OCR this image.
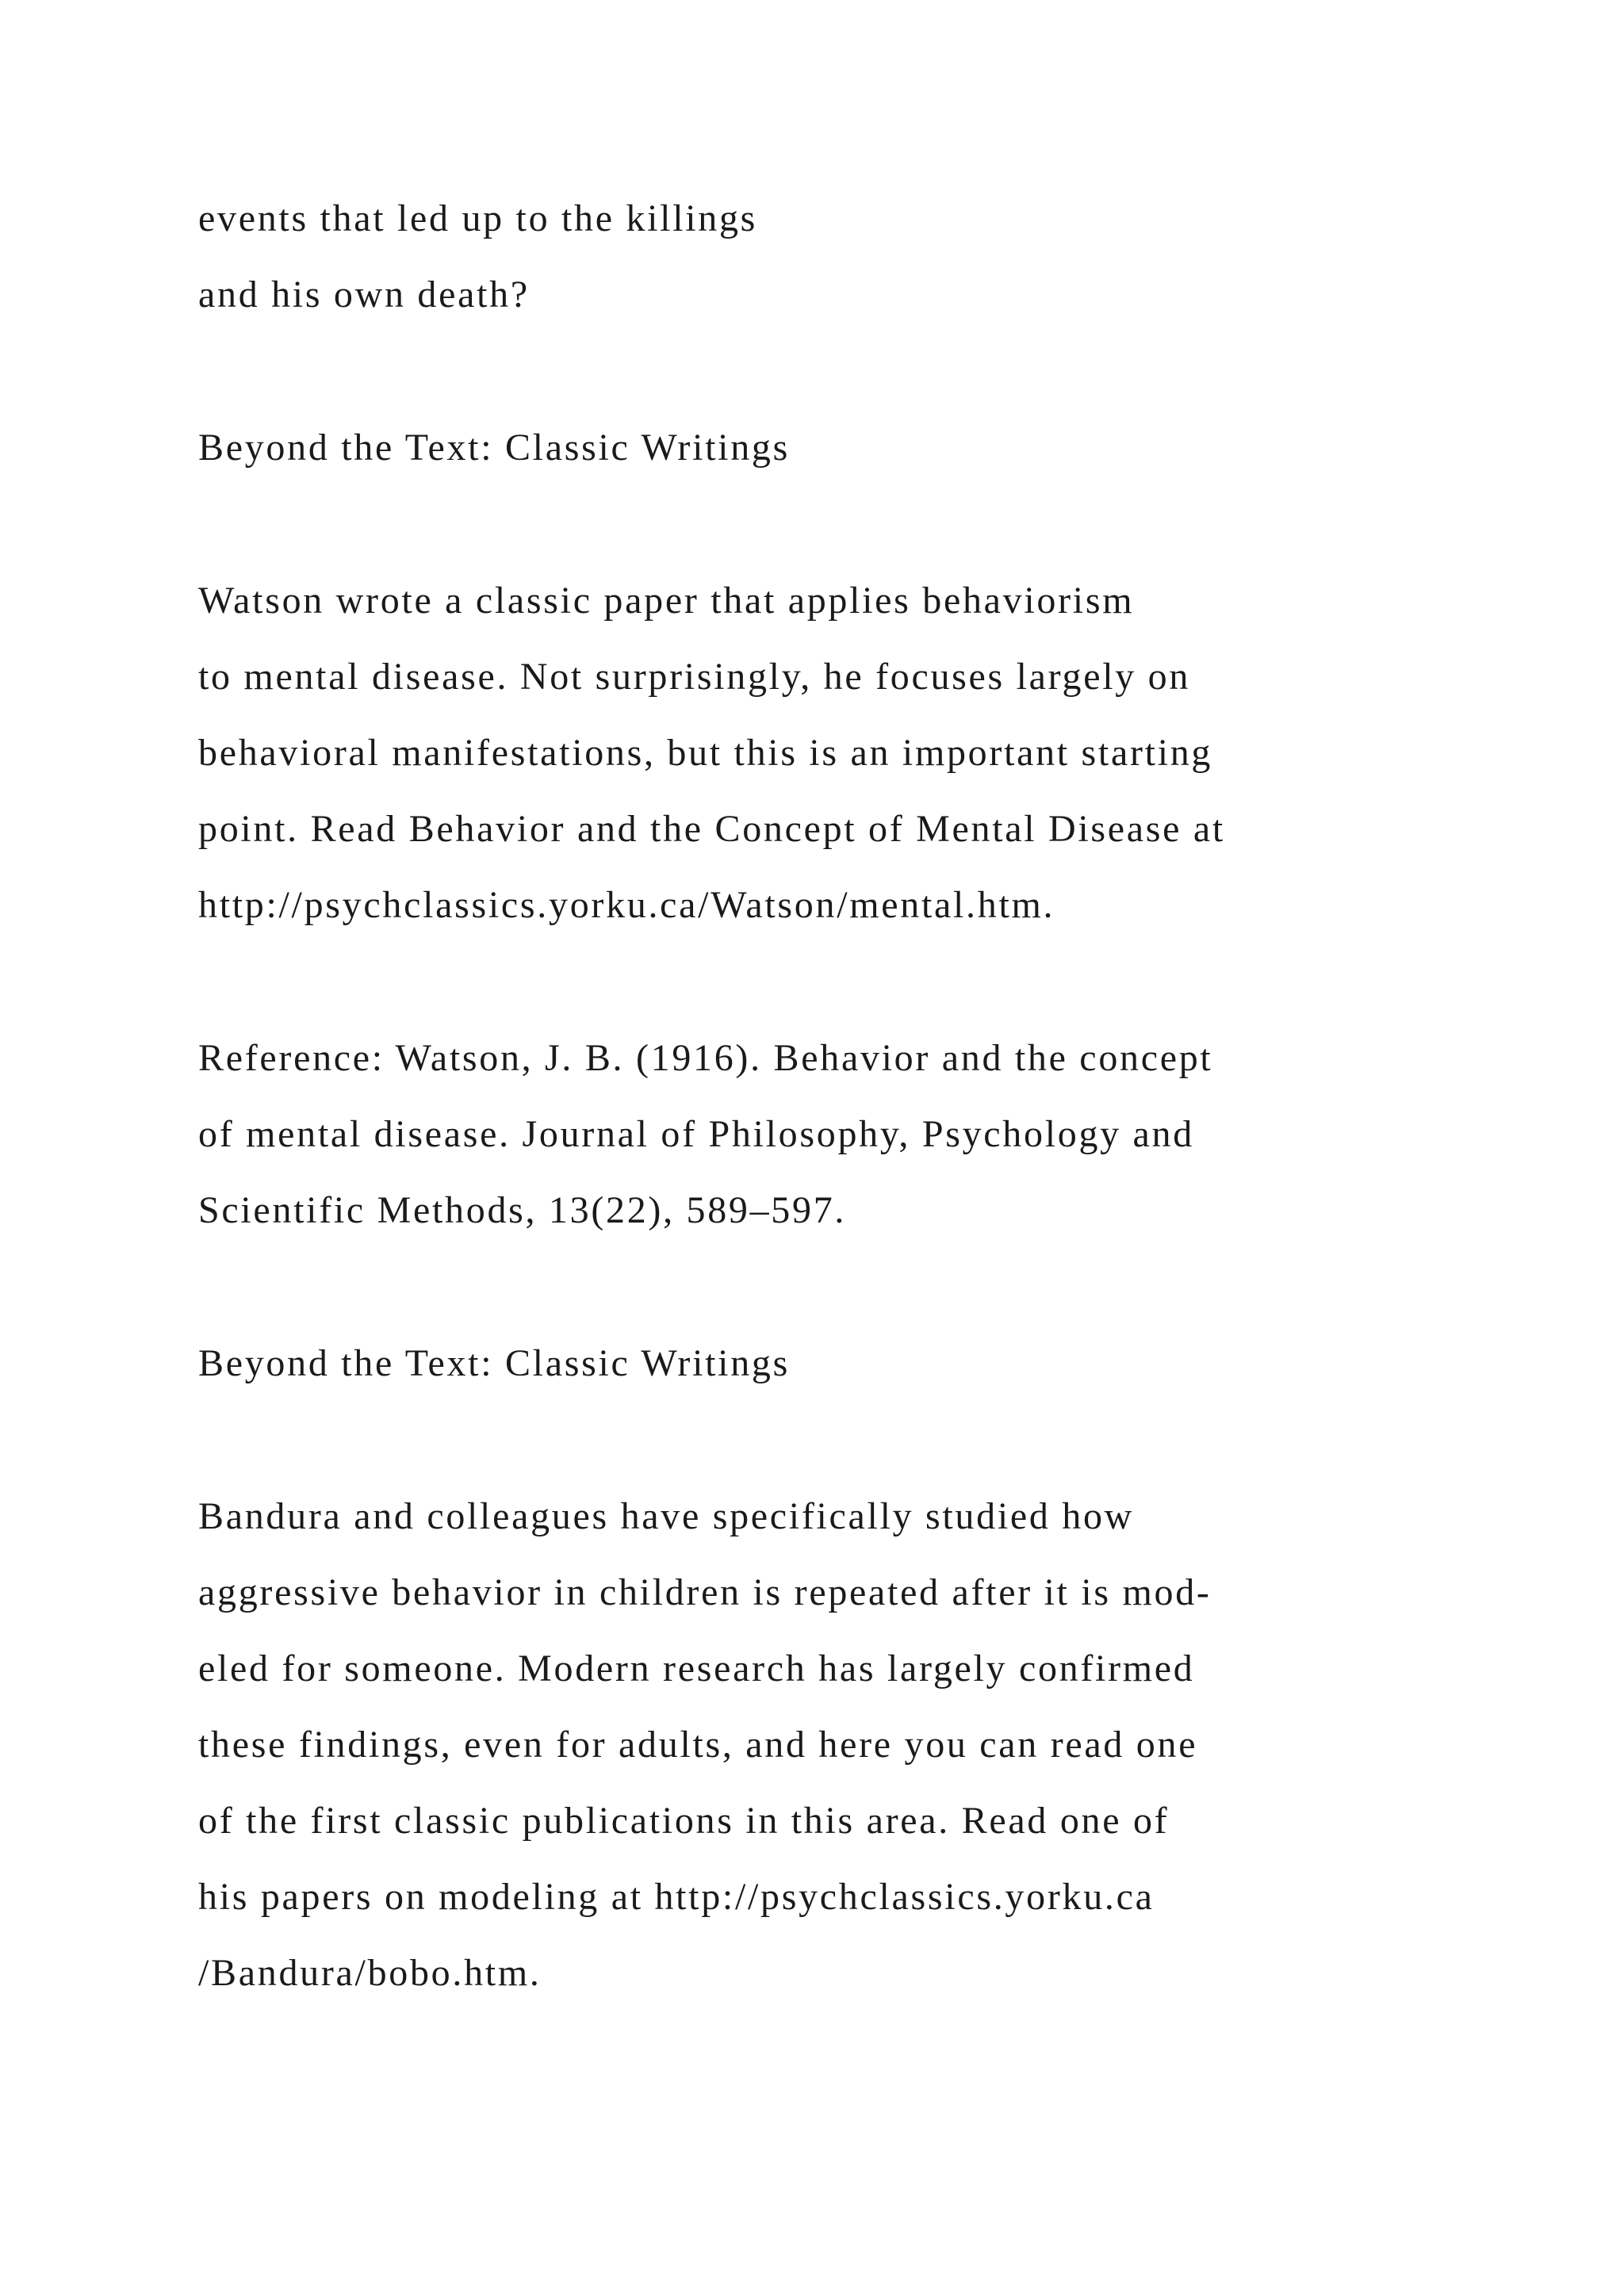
events that led up to the killings

and his own death?

Beyond the Text: Classic Writings

Watson wrote a classic paper that applies behaviorism

to mental disease. Not surprisingly, he focuses largely on

behavioral manifestations, but this is an important starting

point. Read Behavior and the Concept of Mental Disease at

http://psychclassics.yorku.ca/Watson/mental.htm.

Reference: Watson, J. B. (1916). Behavior and the concept

of mental disease. Journal of Philosophy, Psychology and

Scientific Methods, 13(22), 589–597.

Beyond the Text: Classic Writings

Bandura and colleagues have specifically studied how

aggressive behavior in children is repeated after it is mod-

eled for someone. Modern research has largely confirmed

these findings, even for adults, and here you can read one

of the first classic publications in this area. Read one of

his papers on modeling at http://psychclassics.yorku.ca

/Bandura/bobo.htm.
